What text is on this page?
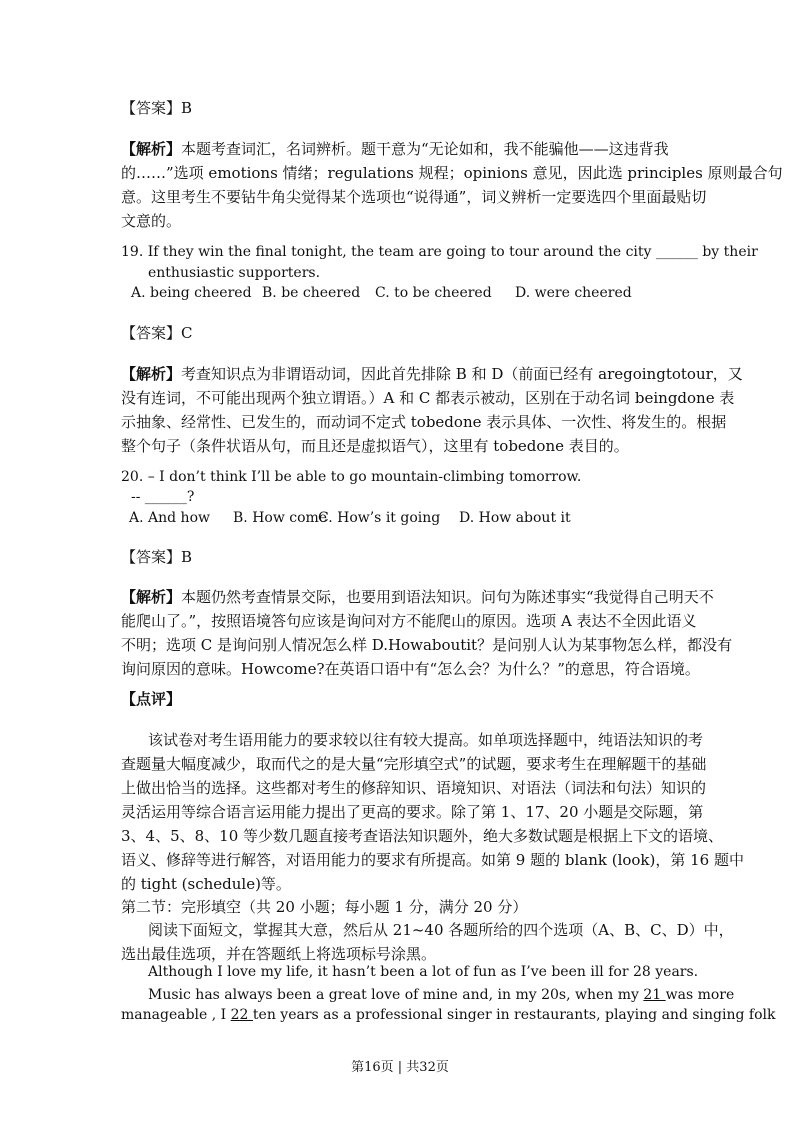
【答案】B
【解析】本题考查词汇，名词辨析。题干意为“无论如和，我不能骗他——这违背我
的……”选项 emotions 情绪；regulations 规程；opinions 意见，因此选 principles 原则最合句
意。这里考生不要钻牛角尖觉得某个选项也“说得通”，词义辨析一定要选四个里面最贴切
文意的。
19. If they win the final tonight, the team are going to tour around the city ______ by their
enthusiastic supporters.
A. being cheered B. be cheered C. to be cheered D. were cheered
【答案】C
【解析】考查知识点为非谓语动词，因此首先排除 B 和 D（前面已经有 aregoingtotour，又
没有连词，不可能出现两个独立谓语。）A 和 C 都表示被动，区别在于动名词 beingdone 表
示抽象、经常性、已发生的，而动词不定式 tobedone 表示具体、一次性、将发生的。根据
整个句子（条件状语从句，而且还是虚拟语气），这里有 tobedone 表目的。
20. – I don’t think I’ll be able to go mountain-climbing tomorrow.
-- ______?
A. And how B. How come
C. How’s it going D. How about it
【答案】B
【解析】本题仍然考查情景交际，也要用到语法知识。问句为陈述事实“我觉得自己明天不
能爬山了。”，按照语境答句应该是询问对方不能爬山的原因。选项 A 表达不全因此语义
不明；选项 C 是询问别人情况怎么样 D.Howaboutit？是问别人认为某事物怎么样，都没有
询问原因的意味。Howcome?在英语口语中有“怎么会？为什么？”的意思，符合语境。
【点评】
该试卷对考生语用能力的要求较以往有较大提高。如单项选择题中，纯语法知识的考
查题量大幅度减少，取而代之的是大量“完形填空式”的试题，要求考生在理解题干的基础
上做出恰当的选择。这些都对考生的修辞知识、语境知识、对语法（词法和句法）知识的
灵活运用等综合语言运用能力提出了更高的要求。除了第 1、17、20 小题是交际题，第
3、4、5、8、10 等少数几题直接考查语法知识题外，绝大多数试题是根据上下文的语境、
语义、修辞等进行解答，对语用能力的要求有所提高。如第 9 题的 blank (look)，第 16 题中
的 tight (schedule)等。
第二节：完形填空（共 20 小题；每小题 1 分，满分 20 分）
阅读下面短文，掌握其大意，然后从 21~40 各题所给的四个选项（A、B、C、D）中，
选出最佳选项，并在答题纸上将选项标号涂黑。
Although I love my life, it hasn’t been a lot of fun as I’ve been ill for 28 years.
Music has always been a great love of mine and, in my 20s, when my 21 was more
manageable , I 22 ten years as a professional singer in restaurants, playing and singing folk
第16页 | 共32页
